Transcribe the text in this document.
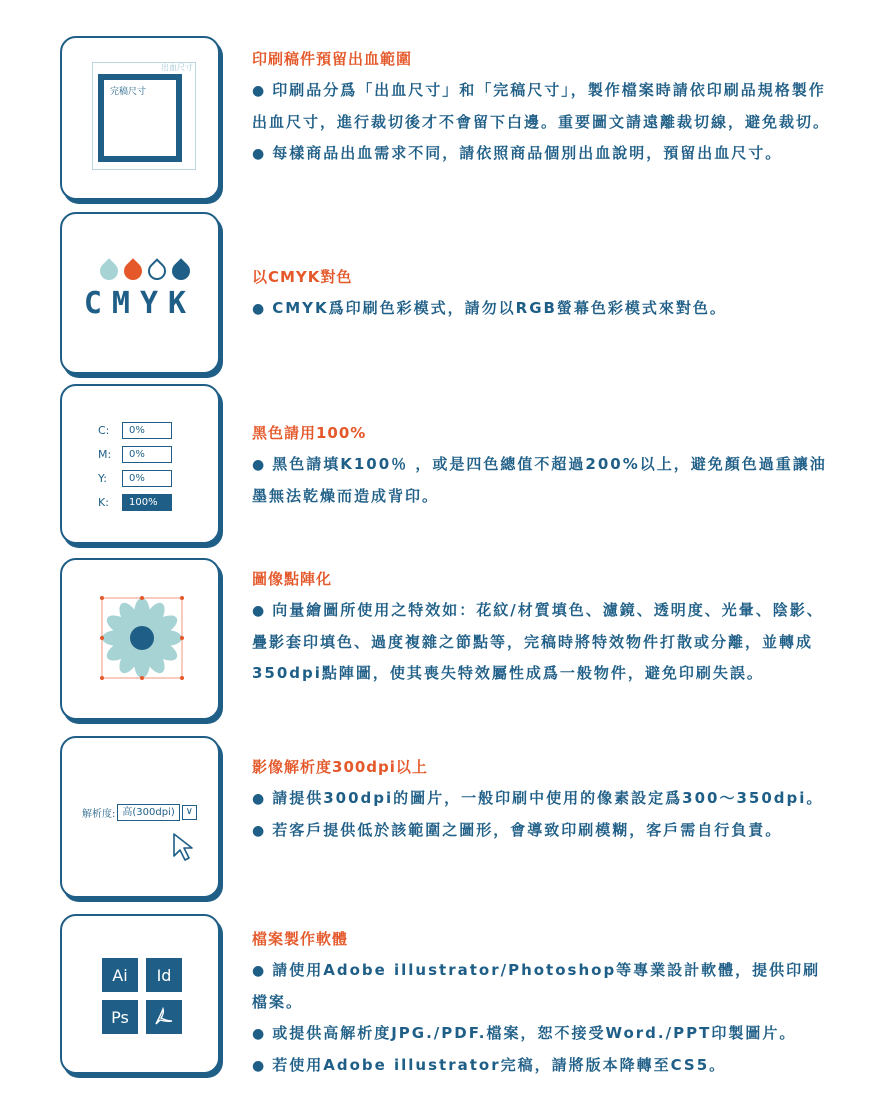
出血尺寸
完稿尺寸
印刷稿件預留出血範圍

● 印刷品分爲「出血尺寸」和「完稿尺寸」，製作檔案時請依印刷品規格製作出血尺寸，進行裁切後才不會留下白邊。重要圖文請遠離裁切線，避免裁切。

● 每樣商品出血需求不同，請依照商品個別出血說明，預留出血尺寸。

CMYK
以CMYK對色

● CMYK爲印刷色彩模式，請勿以RGB螢幕色彩模式來對色。

C:	0%
M:	0%
Y:	0%
K:	100%
黑色請用100%

● 黑色請填K100％ ，或是四色總值不超過200%以上，避免顏色過重讓油墨無法乾燥而造成背印。

圖像點陣化

● 向量繪圖所使用之特效如：花紋/材質填色、濾鏡、透明度、光暈、陰影、疊影套印填色、過度複雜之節點等，完稿時將特效物件打散或分離，並轉成350dpi點陣圖，使其喪失特效屬性成爲一般物件，避免印刷失誤。

解析度: 高(300dpi)	∨
影像解析度300dpi以上

● 請提供300dpi的圖片，一般印刷中使用的像素設定爲300～350dpi。

● 若客戶提供低於該範圍之圖形，會導致印刷模糊，客戶需自行負責。

Ai	Id
Ps
檔案製作軟體

● 請使用Adobe illustrator/Photoshop等專業設計軟體，提供印刷檔案。

● 或提供高解析度JPG./PDF.檔案，恕不接受Word./PPT印製圖片。

● 若使用Adobe illustrator完稿，請將版本降轉至CS5。
